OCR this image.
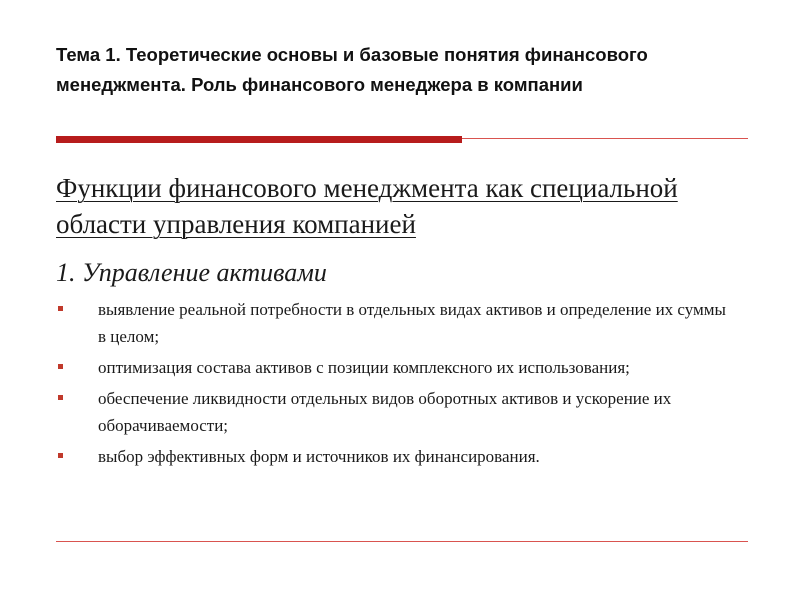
Тема 1. Теоретические основы и базовые понятия финансового менеджмента. Роль финансового менеджера в компании
Функции финансового менеджмента как специальной области управления компанией
1. Управление активами
выявление реальной потребности в отдельных видах активов и определение их суммы в целом;
оптимизация состава активов с позиции комплексного их использования;
обеспечение ликвидности отдельных видов оборотных активов и ускорение их оборачиваемости;
выбор эффективных форм и источников их финансирования.
